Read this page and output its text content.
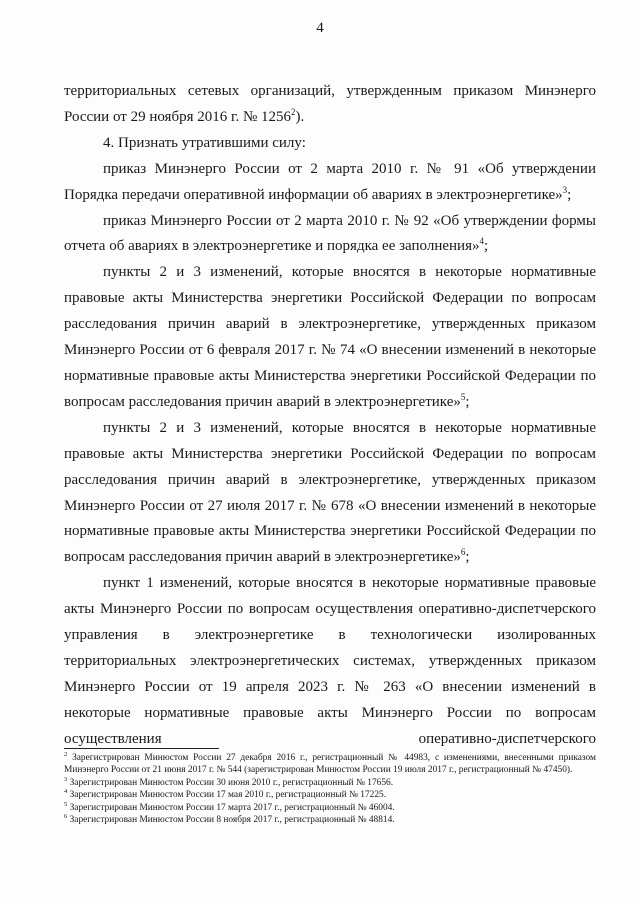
4

территориальных сетевых организаций, утвержденным приказом Минэнерго России от 29 ноября 2016 г. № 1256$^2$).

4. Признать утратившими силу:

приказ Минэнерго России от 2 марта 2010 г. № 91 «Об утверждении Порядка передачи оперативной информации об авариях в электроэнергетике»$^3$;

приказ Минэнерго России от 2 марта 2010 г. № 92 «Об утверждении формы отчета об авариях в электроэнергетике и порядка ее заполнения»$^4$;

пункты 2 и 3 изменений, которые вносятся в некоторые нормативные правовые акты Министерства энергетики Российской Федерации по вопросам расследования причин аварий в электроэнергетике, утвержденных приказом Минэнерго России от 6 февраля 2017 г. № 74 «О внесении изменений в некоторые нормативные правовые акты Министерства энергетики Российской Федерации по вопросам расследования причин аварий в электроэнергетике»$^5$;

пункты 2 и 3 изменений, которые вносятся в некоторые нормативные правовые акты Министерства энергетики Российской Федерации по вопросам расследования причин аварий в электроэнергетике, утвержденных приказом Минэнерго России от 27 июля 2017 г. № 678 «О внесении изменений в некоторые нормативные правовые акты Министерства энергетики Российской Федерации по вопросам расследования причин аварий в электроэнергетике»$^6$;

пункт 1 изменений, которые вносятся в некоторые нормативные правовые акты Минэнерго России по вопросам осуществления оперативно-диспетчерского управления в электроэнергетике в технологически изолированных территориальных электроэнергетических системах, утвержденных приказом Минэнерго России от 19 апреля 2023 г. № 263 «О внесении изменений в некоторые нормативные правовые акты Минэнерго России по вопросам осуществления оперативно-диспетчерского

$^2$ Зарегистрирован Минюстом России 27 декабря 2016 г., регистрационный № 44983, с изменениями, внесенными приказом Минэнерго России от 21 июня 2017 г. № 544 (зарегистрирован Минюстом России 19 июля 2017 г., регистрационный № 47450).

$^3$ Зарегистрирован Минюстом России 30 июня 2010 г., регистрационный № 17656.

$^4$ Зарегистрирован Минюстом России 17 мая 2010 г., регистрационный № 17225.

$^5$ Зарегистрирован Минюстом России 17 марта 2017 г., регистрационный № 46004.

$^6$ Зарегистрирован Минюстом России 8 ноября 2017 г., регистрационный № 48814.
